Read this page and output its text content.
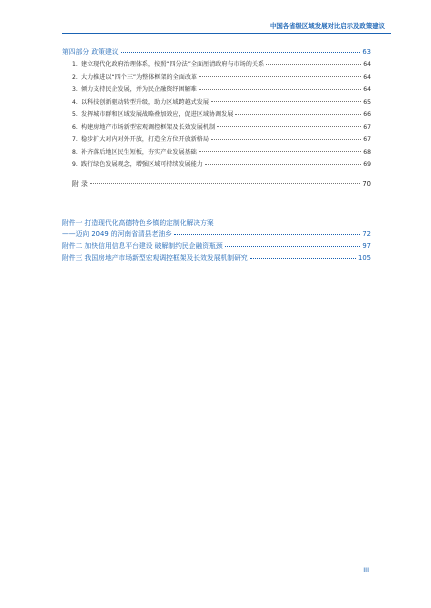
中国各省级区域发展对比启示及政策建议
第四部分 政策建议	63
1. 建立现代化政府治理体系，按照“四分法”全面厘清政府与市场的关系	64
2. 大力推进以“四个三”为整体框架的全面改革	64
3. 倾力支持民企发展，并为民企融资纾困解难	64
4. 以科技创新驱动转型升级，助力区域跨越式发展	65
5. 发挥城市群和区域发展战略叠加效应，促进区域协调发展	66
6. 构建房地产市场新型宏观调控框架及长效发展机制	67
7. 稳步扩大对内对外开放，打造全方位开放新格局	67
8. 补齐落后地区民生短板，夯实产业发展基础	68
9. 践行绿色发展观念，增强区域可持续发展能力	69
附 录	70
附件一 打造现代化高德特色乡镇的定制化解决方案
——迈向 2049 的河南省清县老油乡	72
附件二 加快信用信息平台建设 破解制约民企融资瓶颈	97
附件三 我国房地产市场新型宏观调控框架及长效发展机制研究	105
III
